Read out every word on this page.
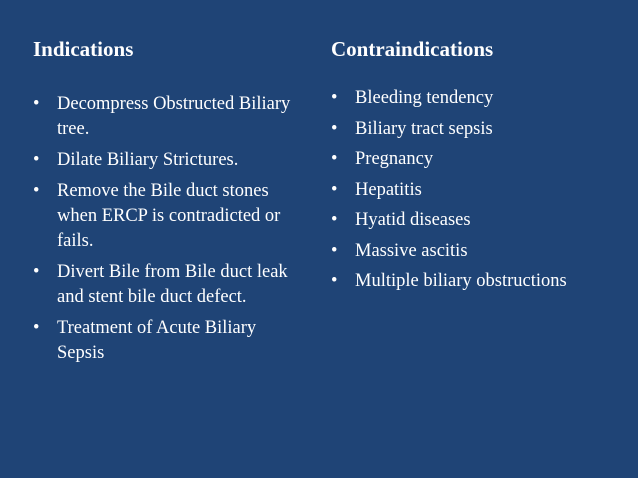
Indications
• Decompress Obstructed Biliary tree.
• Dilate Biliary Strictures.
• Remove the Bile duct stones when ERCP is contradicted or fails.
• Divert Bile from Bile duct leak and stent bile duct defect.
• Treatment of Acute Biliary Sepsis
Contraindications
• Bleeding tendency
• Biliary tract sepsis
• Pregnancy
• Hepatitis
• Hyatid diseases
• Massive ascitis
• Multiple biliary obstructions
